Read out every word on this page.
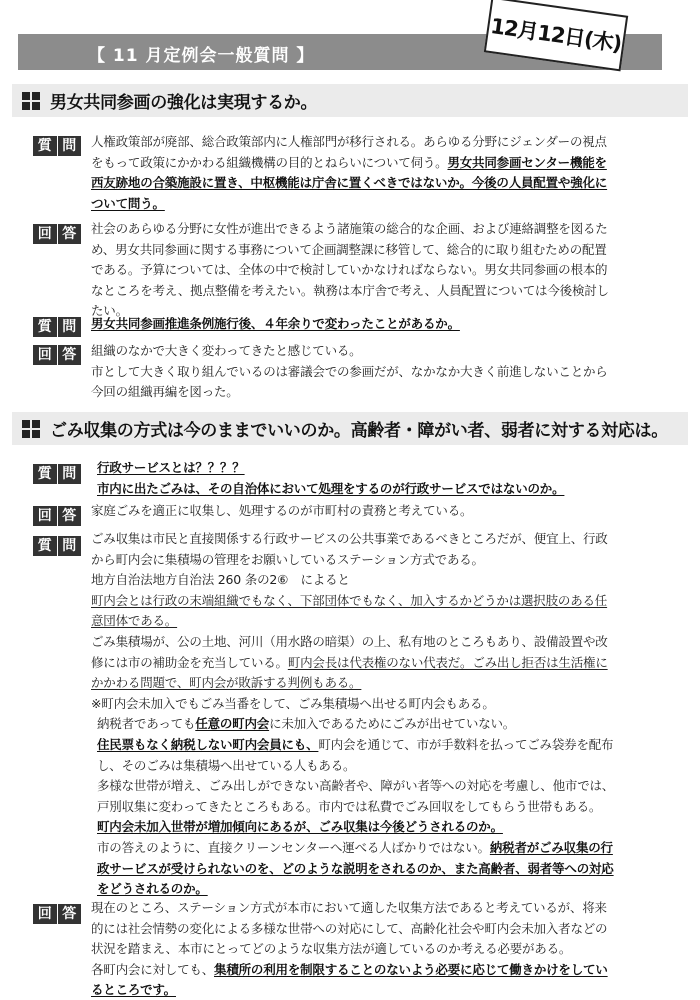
【 11 月定例会一般質問 】	12月12日(木)
男女共同参画の強化は実現するか。
質 問	人権政策部が廃部、総合政策部内に人権部門が移行される。あらゆる分野にジェンダーの視点
をもって政策にかかわる組織機構の目的とねらいについて伺う。男女共同参画センター機能を
西友跡地の合築施設に置き、中枢機能は庁舎に置くべきではないか。今後の人員配置や強化に
ついて問う。
回 答	社会のあらゆる分野に女性が進出できるよう諸施策の総合的な企画、および連絡調整を図るた
め、男女共同参画に関する事務について企画調整課に移管して、総合的に取り組むための配置
である。予算については、全体の中で検討していかなければならない。男女共同参画の根本的
なところを考え、拠点整備を考えたい。執務は本庁舎で考え、人員配置については今後検討し
たい。
質 問	男女共同参画推進条例施行後、４年余りで変わったことがあるか。
回 答	組織のなかで大きく変わってきたと感じている。
市として大きく取り組んでいるのは審議会での参画だが、なかなか大きく前進しないことから
今回の組織再編を図った。
ごみ収集の方式は今のままでいいのか。高齢者・障がい者、弱者に対する対応は。
質 問	行政サービスとは？？？？
市内に出たごみは、その自治体において処理をするのが行政サービスではないのか。
回 答	家庭ごみを適正に収集し、処理するのが市町村の責務と考えている。
質 問	ごみ収集は市民と直接関係する行政サービスの公共事業であるべきところだが、便宜上、行政
から町内会に集積場の管理をお願いしているステーション方式である。
地方自治法地方自治法 260 条の2⑥　によると
町内会とは行政の末端組織でもなく、下部団体でもなく、加入するかどうかは選択肢のある任
意団体である。
ごみ集積場が、公の土地、河川（用水路の暗渠）の上、私有地のところもあり、設備設置や改
修には市の補助金を充当している。町内会長は代表権のない代表だ。ごみ出し拒否は生活権に
かかわる問題で、町内会が敗訴する判例もある。
※町内会未加入でもごみ当番をして、ごみ集積場へ出せる町内会もある。
納税者であっても任意の町内会に未加入であるためにごみが出せていない。
住民票もなく納税しない町内会員にも、町内会を通じて、市が手数料を払ってごみ袋券を配布
し、そのごみは集積場へ出せている人もある。
多様な世帯が増え、ごみ出しができない高齢者や、障がい者等への対応を考慮し、他市では、
戸別収集に変わってきたところもある。市内では私費でごみ回収をしてもらう世帯もある。
町内会未加入世帯が増加傾向にあるが、ごみ収集は今後どうされるのか。
市の答えのように、直接クリーンセンターへ運べる人ばかりではない。納税者がごみ収集の行
政サービスが受けられないのを、どのような説明をされるのか、また高齢者、弱者等への対応
をどうされるのか。
回 答	現在のところ、ステーション方式が本市において適した収集方法であると考えているが、将来
的には社会情勢の変化による多様な世帯への対応にして、高齢化社会や町内会未加入者などの
状況を踏まえ、本市にとってどのような収集方法が適しているのか考える必要がある。
各町内会に対しても、集積所の利用を制限することのないよう必要に応じて働きかけをしてい
るところです。
